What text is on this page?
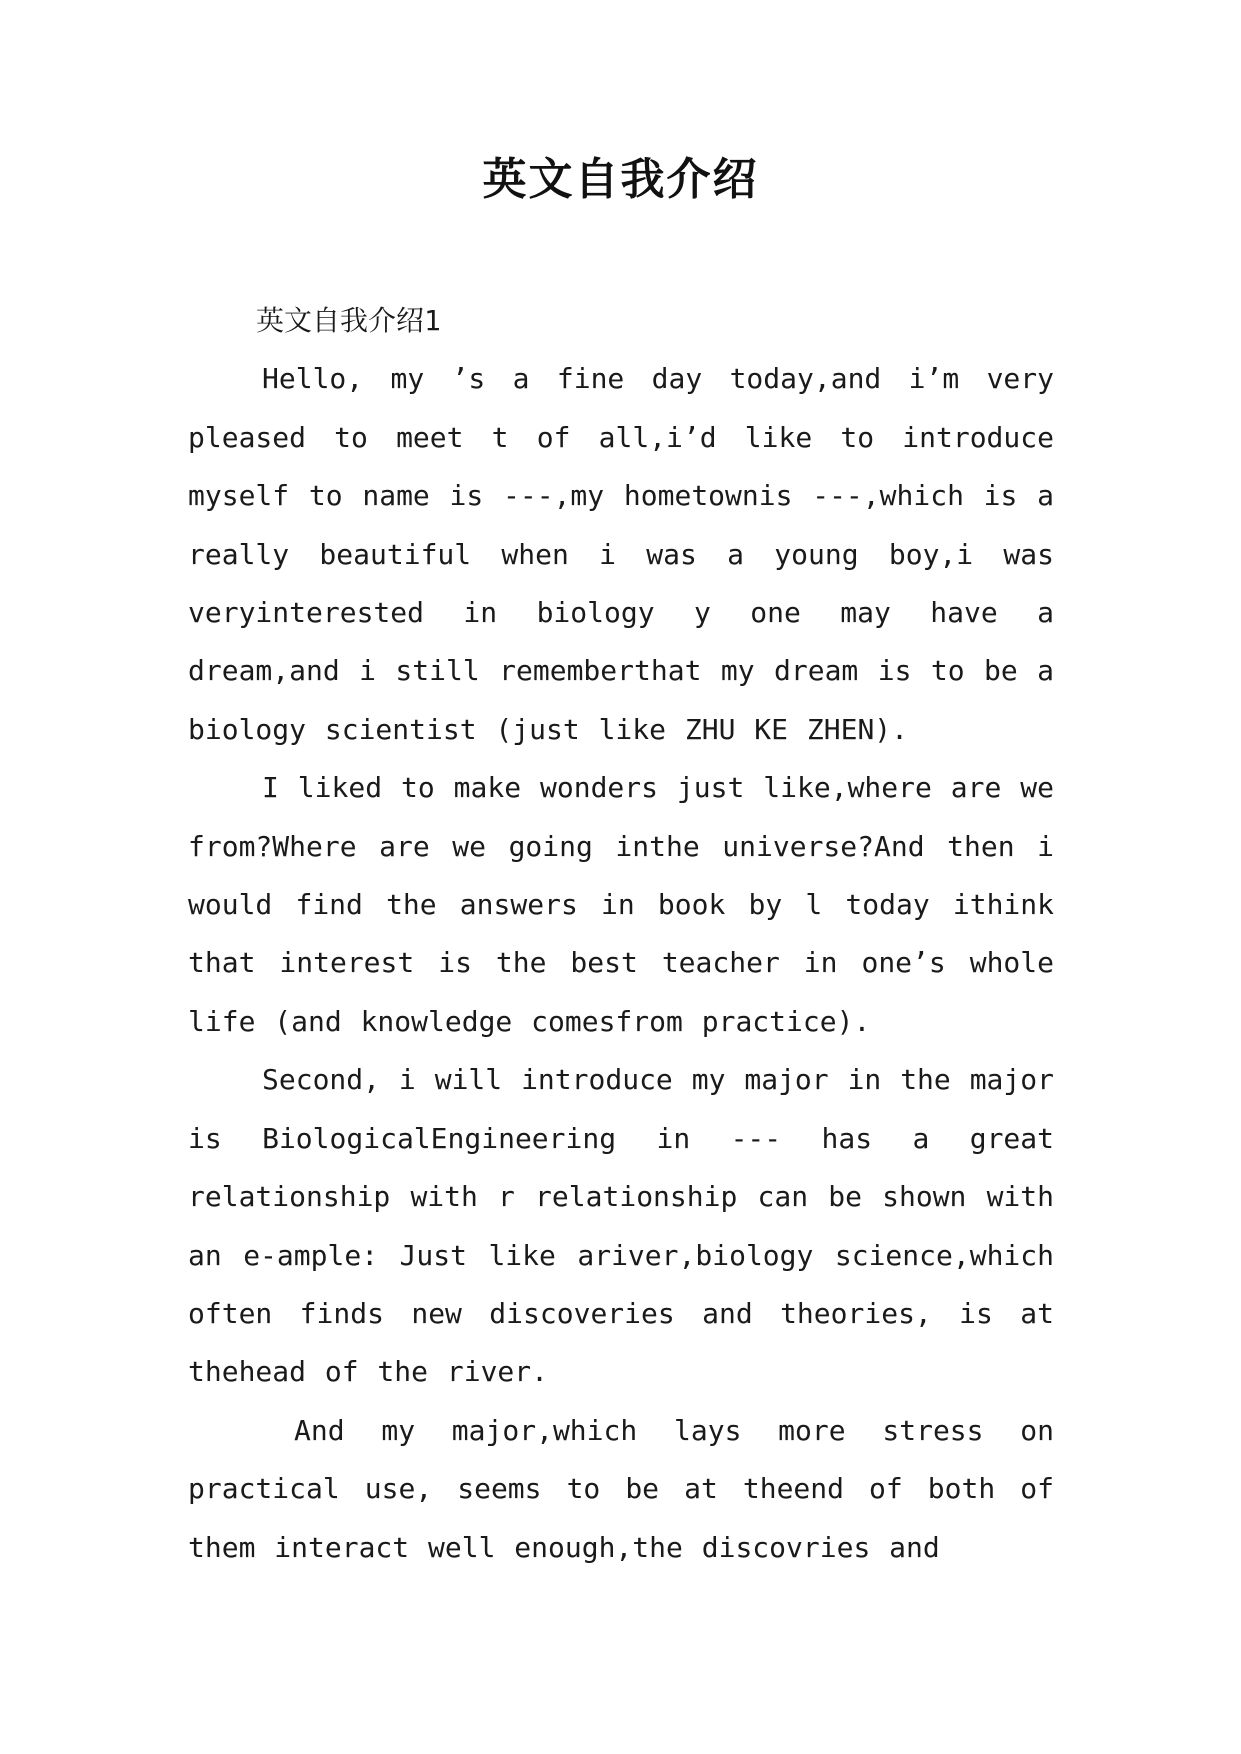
英文自我介绍

英文自我介绍1

Hello, my ’s a fine day today,and i’m very pleased to meet t of all,i’d like to introduce myself to name is ---,my hometownis ---,which is a really beautiful when i was a young boy,i was veryinterested in biology y one may have a dream,and i still rememberthat my dream is to be a biology scientist (just like ZHU KE ZHEN).

I liked to make wonders just like,where are we from?Where are we going inthe universe?And then i would find the answers in book by l today ithink that interest is the best teacher in one’s whole life (and knowledge comesfrom practice).

Second, i will introduce my major in the major is BiologicalEngineering in --- has a great relationship with r relationship can be shown with an e-ample: Just like ariver,biology science,which often finds new discoveries and theories, is at thehead of the river.

And my major,which lays more stress on practical use, seems to be at theend of both of them interact well enough,the discovries and
